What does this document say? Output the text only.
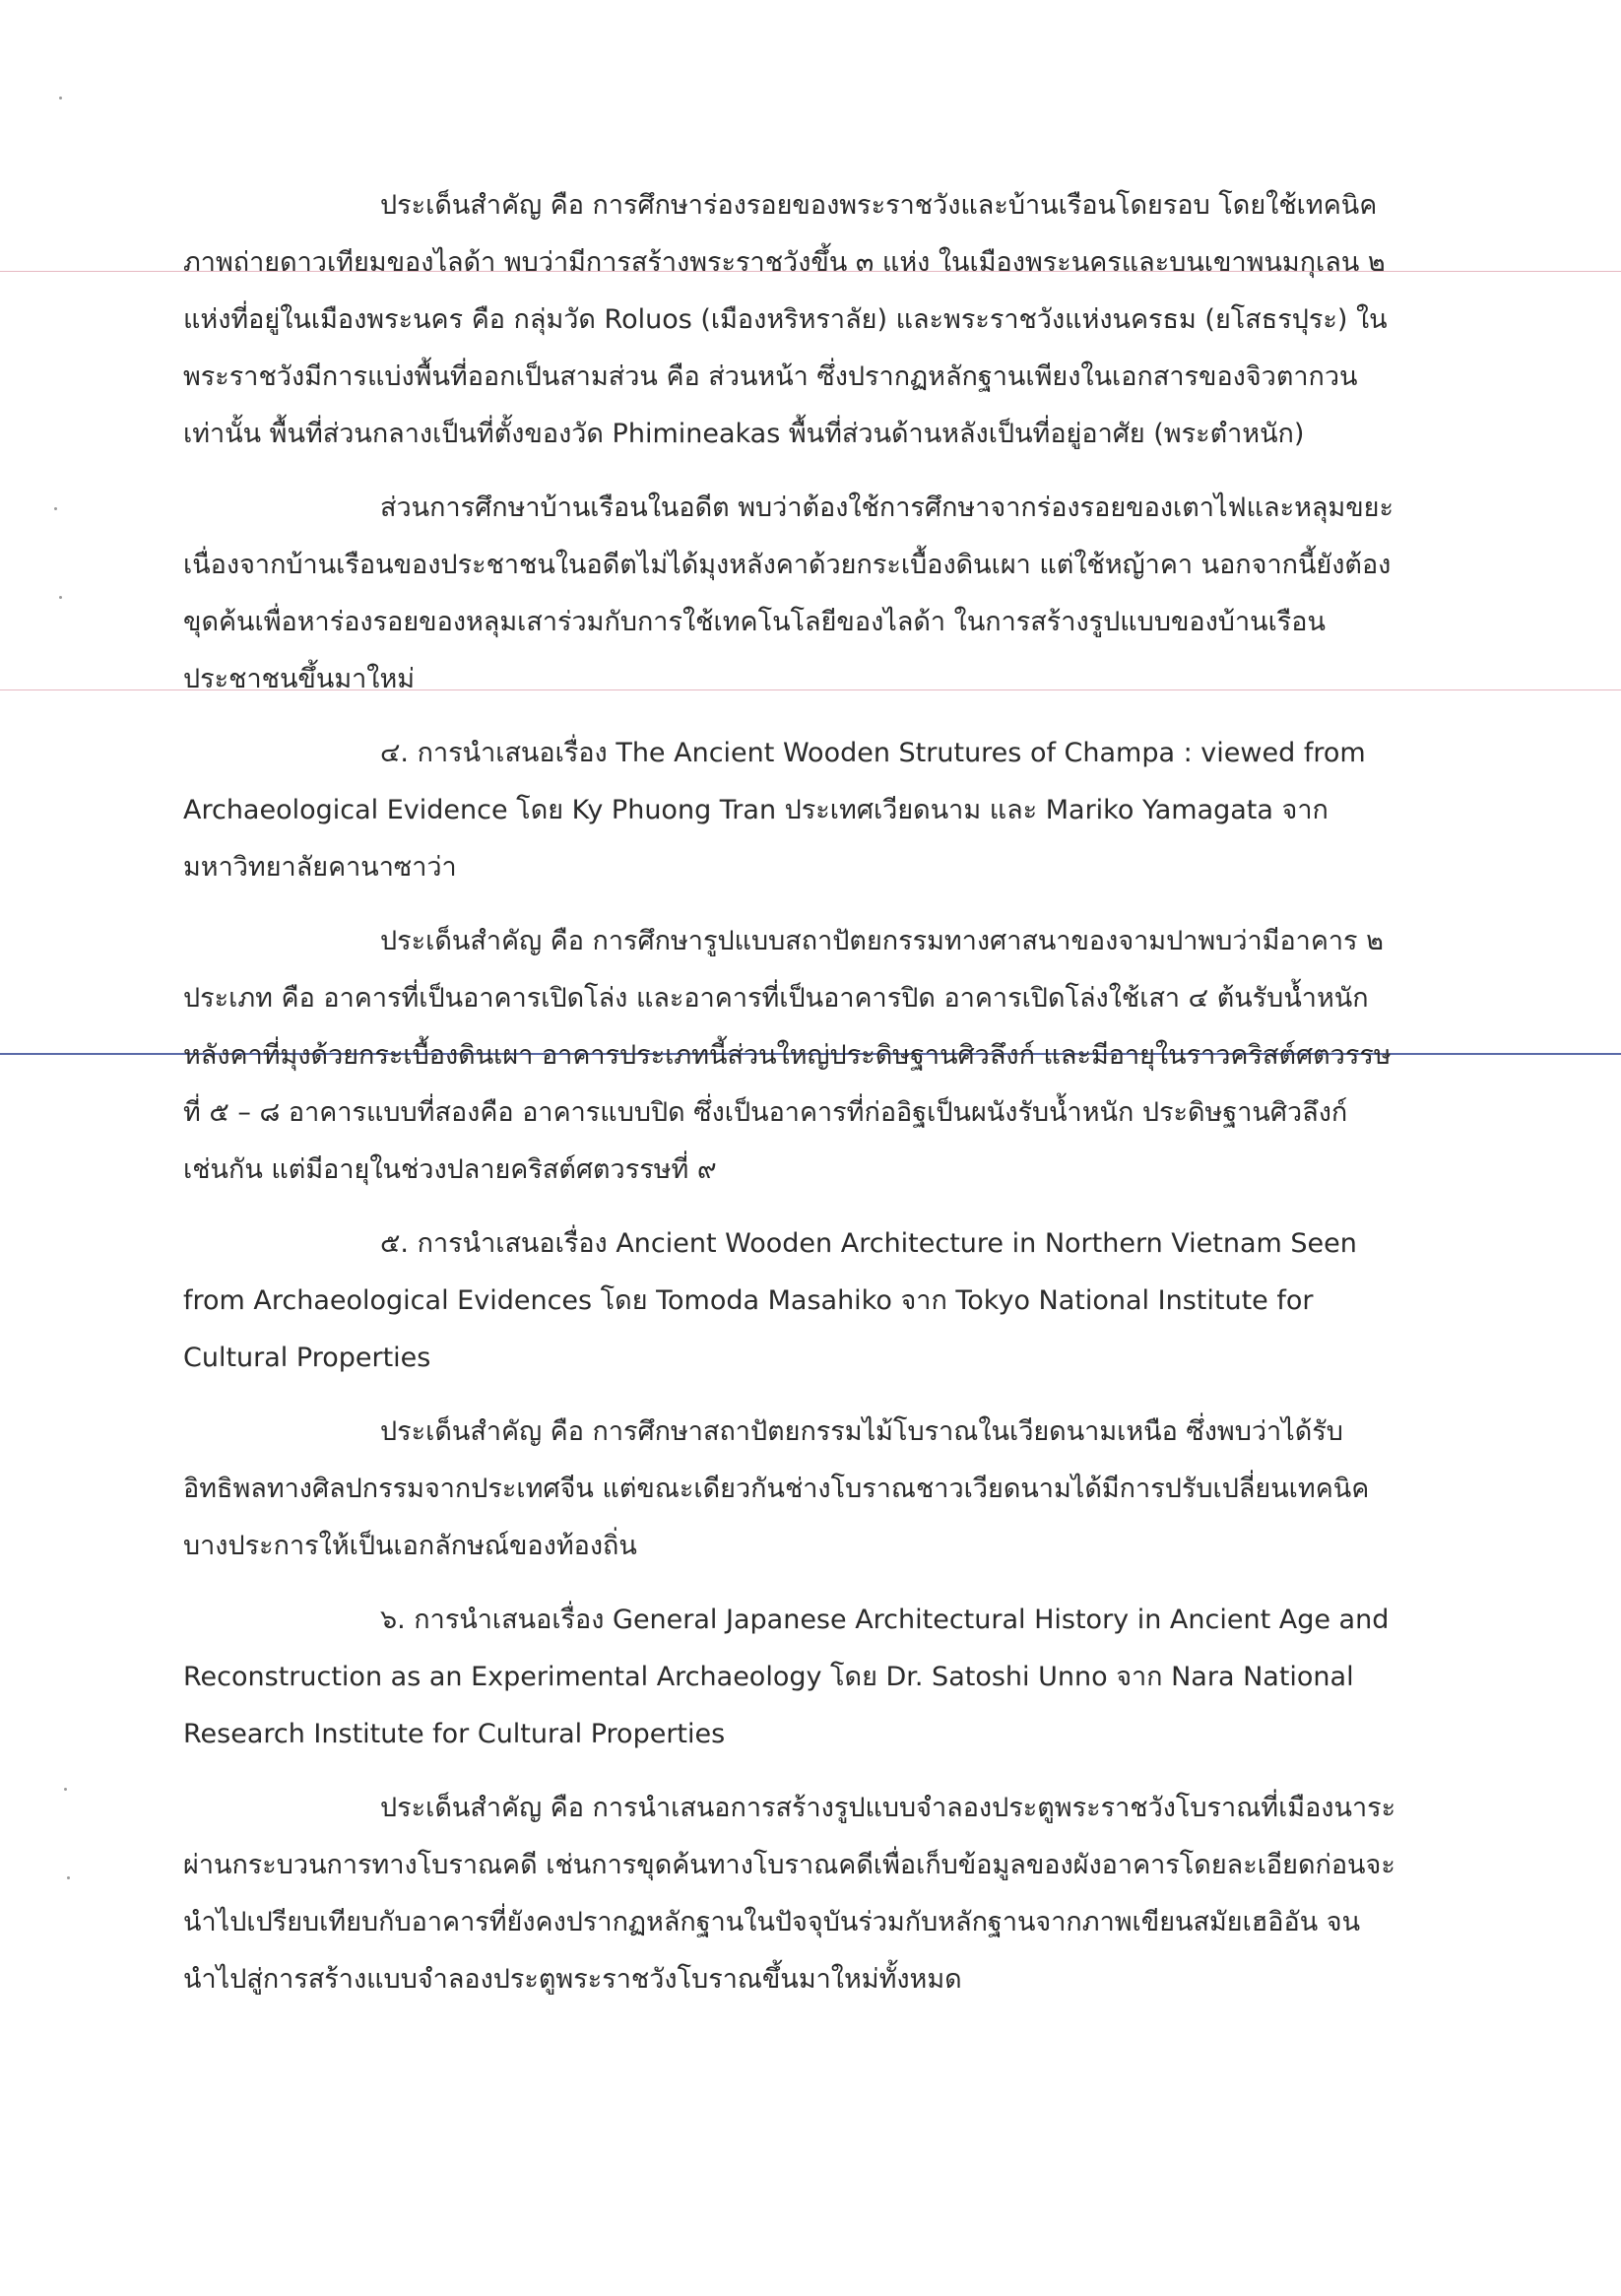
ประเด็นสำคัญ คือ การศึกษาร่องรอยของพระราชวังและบ้านเรือนโดยรอบ โดยใช้เทคนิค
ภาพถ่ายดาวเทียมของไลด้า พบว่ามีการสร้างพระราชวังขึ้น ๓ แห่ง ในเมืองพระนครและบนเขาพนมกุเลน ๒
แห่งที่อยู่ในเมืองพระนคร คือ กลุ่มวัด Roluos (เมืองหริหราลัย) และพระราชวังแห่งนครธม (ยโสธรปุระ) ใน
พระราชวังมีการแบ่งพื้นที่ออกเป็นสามส่วน คือ ส่วนหน้า ซึ่งปรากฏหลักฐานเพียงในเอกสารของจิวตากวน
เท่านั้น พื้นที่ส่วนกลางเป็นที่ตั้งของวัด Phimineakas พื้นที่ส่วนด้านหลังเป็นที่อยู่อาศัย (พระตำหนัก)
ส่วนการศึกษาบ้านเรือนในอดีต พบว่าต้องใช้การศึกษาจากร่องรอยของเตาไฟและหลุมขยะ
เนื่องจากบ้านเรือนของประชาชนในอดีตไม่ได้มุงหลังคาด้วยกระเบื้องดินเผา แต่ใช้หญ้าคา นอกจากนี้ยังต้อง
ขุดค้นเพื่อหาร่องรอยของหลุมเสาร่วมกับการใช้เทคโนโลยีของไลด้า ในการสร้างรูปแบบของบ้านเรือน
ประชาชนขึ้นมาใหม่
๔. การนำเสนอเรื่อง The Ancient Wooden Strutures of Champa : viewed from
Archaeological Evidence โดย Ky Phuong Tran ประเทศเวียดนาม และ Mariko Yamagata จาก
มหาวิทยาลัยคานาซาว่า
ประเด็นสำคัญ คือ การศึกษารูปแบบสถาปัตยกรรมทางศาสนาของจามปาพบว่ามีอาคาร ๒
ประเภท คือ อาคารที่เป็นอาคารเปิดโล่ง และอาคารที่เป็นอาคารปิด อาคารเปิดโล่งใช้เสา ๔ ต้นรับน้ำหนัก
หลังคาที่มุงด้วยกระเบื้องดินเผา อาคารประเภทนี้ส่วนใหญ่ประดิษฐานศิวลึงก์ และมีอายุในราวคริสต์ศตวรรษ
ที่ ๕ – ๘ อาคารแบบที่สองคือ อาคารแบบปิด ซึ่งเป็นอาคารที่ก่ออิฐเป็นผนังรับน้ำหนัก ประดิษฐานศิวลึงก์
เช่นกัน แต่มีอายุในช่วงปลายคริสต์ศตวรรษที่ ๙
๕. การนำเสนอเรื่อง Ancient Wooden Architecture in Northern Vietnam Seen
from Archaeological Evidences โดย Tomoda Masahiko จาก Tokyo National Institute for
Cultural Properties
ประเด็นสำคัญ คือ การศึกษาสถาปัตยกรรมไม้โบราณในเวียดนามเหนือ ซึ่งพบว่าได้รับ
อิทธิพลทางศิลปกรรมจากประเทศจีน แต่ขณะเดียวกันช่างโบราณชาวเวียดนามได้มีการปรับเปลี่ยนเทคนิค
บางประการให้เป็นเอกลักษณ์ของท้องถิ่น
๖. การนำเสนอเรื่อง General Japanese Architectural History in Ancient Age and
Reconstruction as an Experimental Archaeology โดย Dr. Satoshi Unno จาก Nara National
Research Institute for Cultural Properties
ประเด็นสำคัญ คือ การนำเสนอการสร้างรูปแบบจำลองประตูพระราชวังโบราณที่เมืองนาระ
ผ่านกระบวนการทางโบราณคดี เช่นการขุดค้นทางโบราณคดีเพื่อเก็บข้อมูลของผังอาคารโดยละเอียดก่อนจะ
นำไปเปรียบเทียบกับอาคารที่ยังคงปรากฏหลักฐานในปัจจุบันร่วมกับหลักฐานจากภาพเขียนสมัยเฮอิอัน จน
นำไปสู่การสร้างแบบจำลองประตูพระราชวังโบราณขึ้นมาใหม่ทั้งหมด
